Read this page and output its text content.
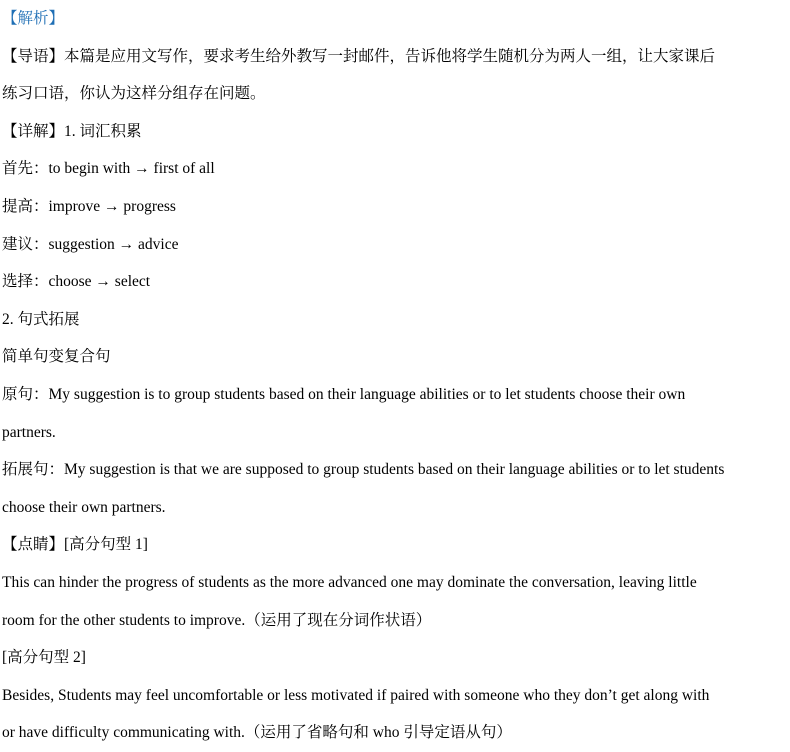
【解析】
【导语】本篇是应用文写作，要求考生给外教写一封邮件，告诉他将学生随机分为两人一组，让大家课后
练习口语，你认为这样分组存在问题。
【详解】1. 词汇积累
首先：to begin with → first of all
提高：improve → progress
建议：suggestion → advice
选择：choose → select
2. 句式拓展
简单句变复合句
原句：My suggestion is to group students based on their language abilities or to let students choose their own
partners.
拓展句：My suggestion is that we are supposed to group students based on their language abilities or to let students
choose their own partners.
【点睛】[高分句型 1]
This can hinder the progress of students as the more advanced one may dominate the conversation, leaving little
room for the other students to improve.（运用了现在分词作状语）
[高分句型 2]
Besides, Students may feel uncomfortable or less motivated if paired with someone who they don’t get along with
or have difficulty communicating with.（运用了省略句和 who 引导定语从句）
